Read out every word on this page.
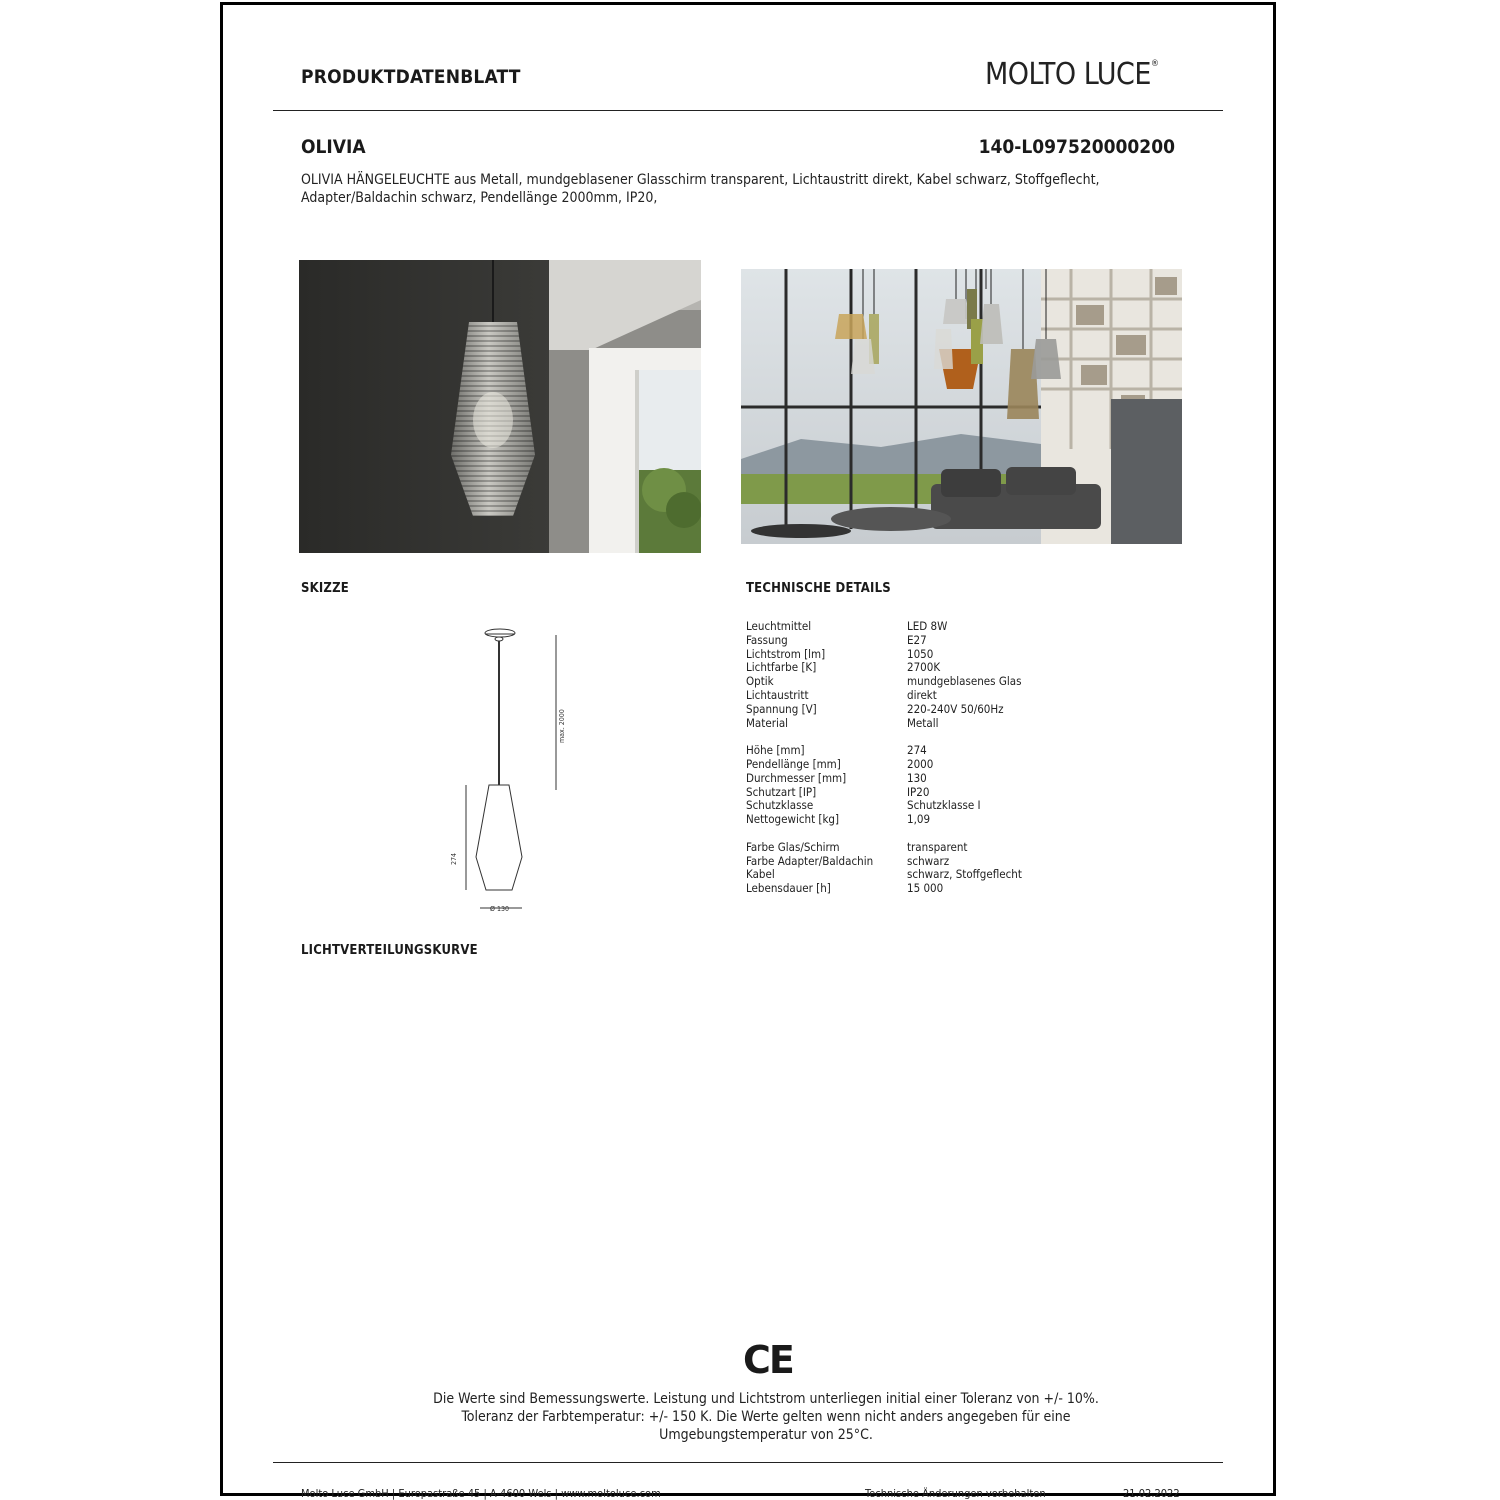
PRODUKTDATENBLATT	MOLTO LUCE®
OLIVIA	140-L097520000200
OLIVIA HÄNGELEUCHTE aus Metall, mundgeblasener Glasschirm transparent, Lichtaustritt direkt, Kabel schwarz, Stoffgeflecht, Adapter/Baldachin schwarz, Pendellänge 2000mm, IP20,
SKIZZE	TECHNISCHE DETAILS
max. 2000
274
Ø 130
Leuchtmittel	LED 8W
Fassung	E27
Lichtstrom [lm]	1050
Lichtfarbe [K]	2700K
Optik	mundgeblasenes Glas
Lichtaustritt	direkt
Spannung [V]	220-240V 50/60Hz
Material	Metall
Höhe [mm]	274
Pendellänge [mm]	2000
Durchmesser [mm]	130
Schutzart [IP]	IP20
Schutzklasse	Schutzklasse I
Nettogewicht [kg]	1,09
Farbe Glas/Schirm	transparent
Farbe Adapter/Baldachin	schwarz
Kabel	schwarz, Stoffgeflecht
Lebensdauer [h]	15 000
LICHTVERTEILUNGSKURVE
CE
Die Werte sind Bemessungswerte. Leistung und Lichtstrom unterliegen initial einer Toleranz von +/- 10%.
Toleranz der Farbtemperatur: +/- 150 K. Die Werte gelten wenn nicht anders angegeben für eine
Umgebungstemperatur von 25°C.
Molto Luce GmbH | Europastraße 45 | A-4600 Wels | www.moltoluce.com	Technische Änderungen vorbehalten	21.02.2022
